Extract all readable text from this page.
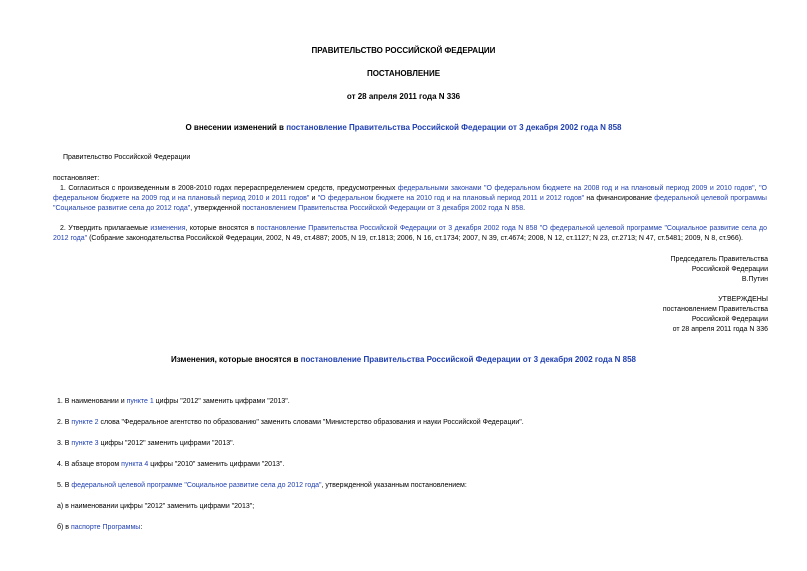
ПРАВИТЕЛЬСТВО РОССИЙСКОЙ ФЕДЕРАЦИИ
ПОСТАНОВЛЕНИЕ
от 28 апреля 2011 года N 336
О внесении изменений в постановление Правительства Российской Федерации от 3 декабря 2002 года N 858
Правительство Российской Федерации
постановляет:
1. Согласиться с произведенным в 2008-2010 годах перераспределением средств, предусмотренных федеральными законами "О федеральном бюджете на 2008 год и на плановый период 2009 и 2010 годов", "О федеральном бюджете на 2009 год и на плановый период 2010 и 2011 годов" и "О федеральном бюджете на 2010 год и на плановый период 2011 и 2012 годов" на финансирование федеральной целевой программы "Социальное развитие села до 2012 года", утвержденной постановлением Правительства Российской Федерации от 3 декабря 2002 года N 858.
2. Утвердить прилагаемые изменения, которые вносятся в постановление Правительства Российской Федерации от 3 декабря 2002 года N 858 "О федеральной целевой программе "Социальное развитие села до 2012 года" (Собрание законодательства Российской Федерации, 2002, N 49, ст.4887; 2005, N 19, ст.1813; 2006, N 16, ст.1734; 2007, N 39, ст.4674; 2008, N 12, ст.1127; N 23, ст.2713; N 47, ст.5481; 2009, N 8, ст.966).
Председатель Правительства
Российской Федерации
В.Путин
УТВЕРЖДЕНЫ
постановлением Правительства
Российской Федерации
от 28 апреля 2011 года N 336
Изменения, которые вносятся в постановление Правительства Российской Федерации от 3 декабря 2002 года N 858
1. В наименовании и пункте 1 цифры "2012" заменить цифрами "2013".
2. В пункте 2 слова "Федеральное агентство по образованию" заменить словами "Министерство образования и науки Российской Федерации".
3. В пункте 3 цифры "2012" заменить цифрами "2013".
4. В абзаце втором пункта 4 цифры "2010" заменить цифрами "2013".
5. В федеральной целевой программе "Социальное развитие села до 2012 года", утвержденной указанным постановлением:
а) в наименовании цифры "2012" заменить цифрами "2013";
б) в паспорте Программы:
